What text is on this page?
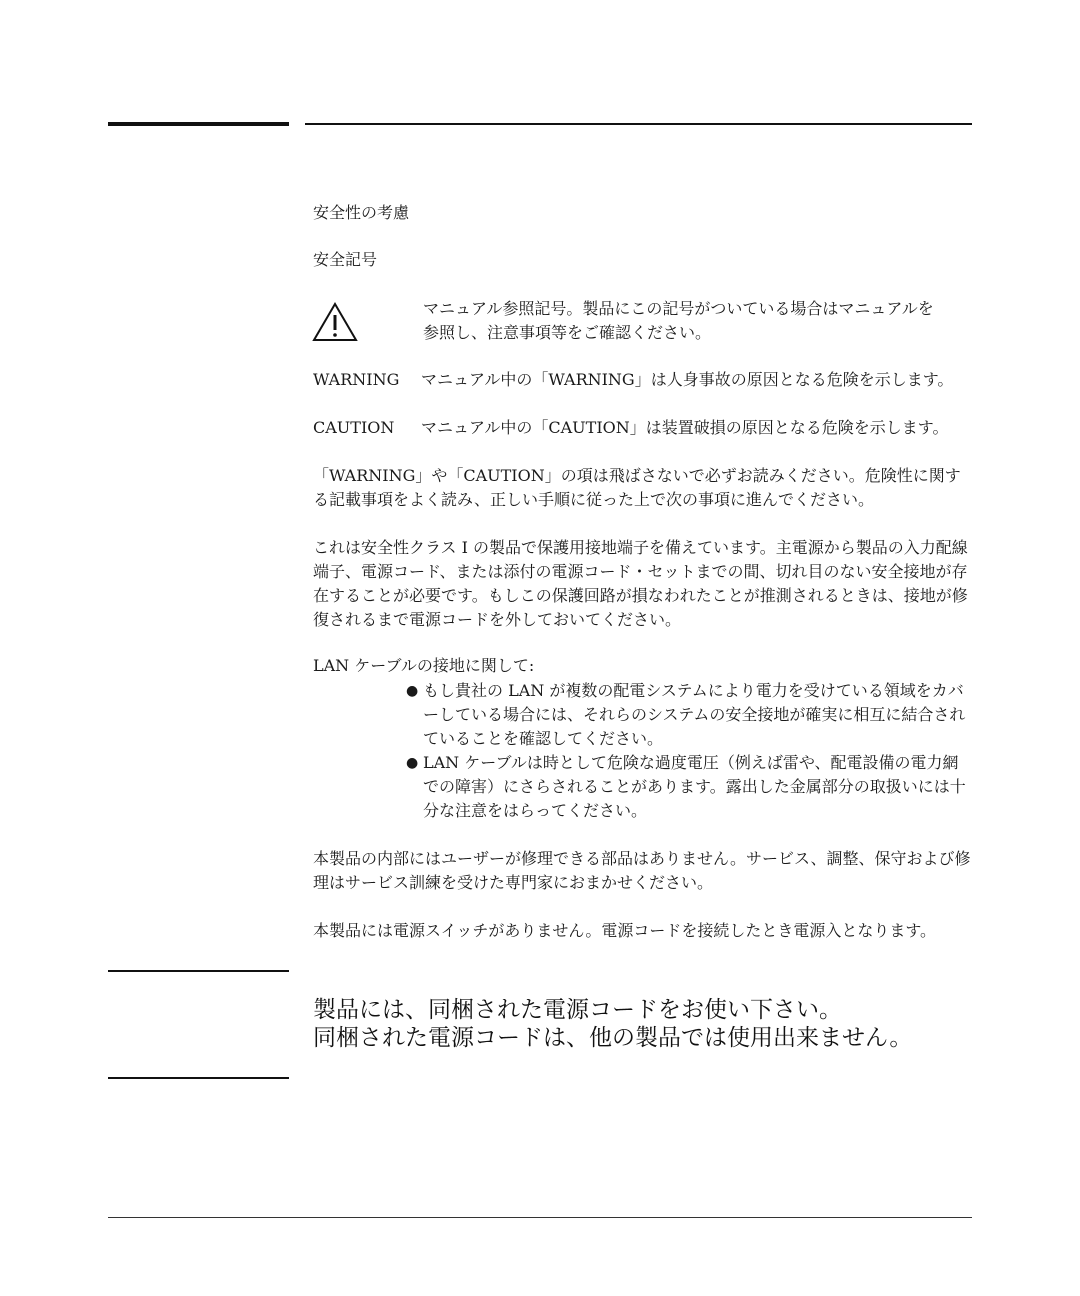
安全性の考慮

安全記号

マニュアル参照記号。製品にこの記号がついている場合はマニュアルを参照し、注意事項等をご確認ください。

WARNING マニュアル中の「WARNING」は人身事故の原因となる危険を示します。

CAUTION マニュアル中の「CAUTION」は装置破損の原因となる危険を示します。

「WARNING」や「CAUTION」の項は飛ばさないで必ずお読みください。危険性に関する記載事項をよく読み、正しい手順に従った上で次の事項に進んでください。

これは安全性クラス I の製品で保護用接地端子を備えています。主電源から製品の入力配線端子、電源コード、または添付の電源コード・セットまでの間、切れ目のない安全接地が存在することが必要です。もしこの保護回路が損なわれたことが推測されるときは、接地が修復されるまで電源コードを外しておいてください。

LAN ケーブルの接地に関して:

● もし貴社の LAN が複数の配電システムにより電力を受けている領域をカバーしている場合には、それらのシステムの安全接地が確実に相互に結合されていることを確認してください。

● LAN ケーブルは時として危険な過度電圧（例えば雷や、配電設備の電力網での障害）にさらされることがあります。露出した金属部分の取扱いには十分な注意をはらってください。

本製品の内部にはユーザーが修理できる部品はありません。サービス、調整、保守および修理はサービス訓練を受けた専門家におまかせください。

本製品には電源スイッチがありません。電源コードを接続したとき電源入となります。

製品には、同梱された電源コードをお使い下さい。
同梱された電源コードは、他の製品では使用出来ません。
